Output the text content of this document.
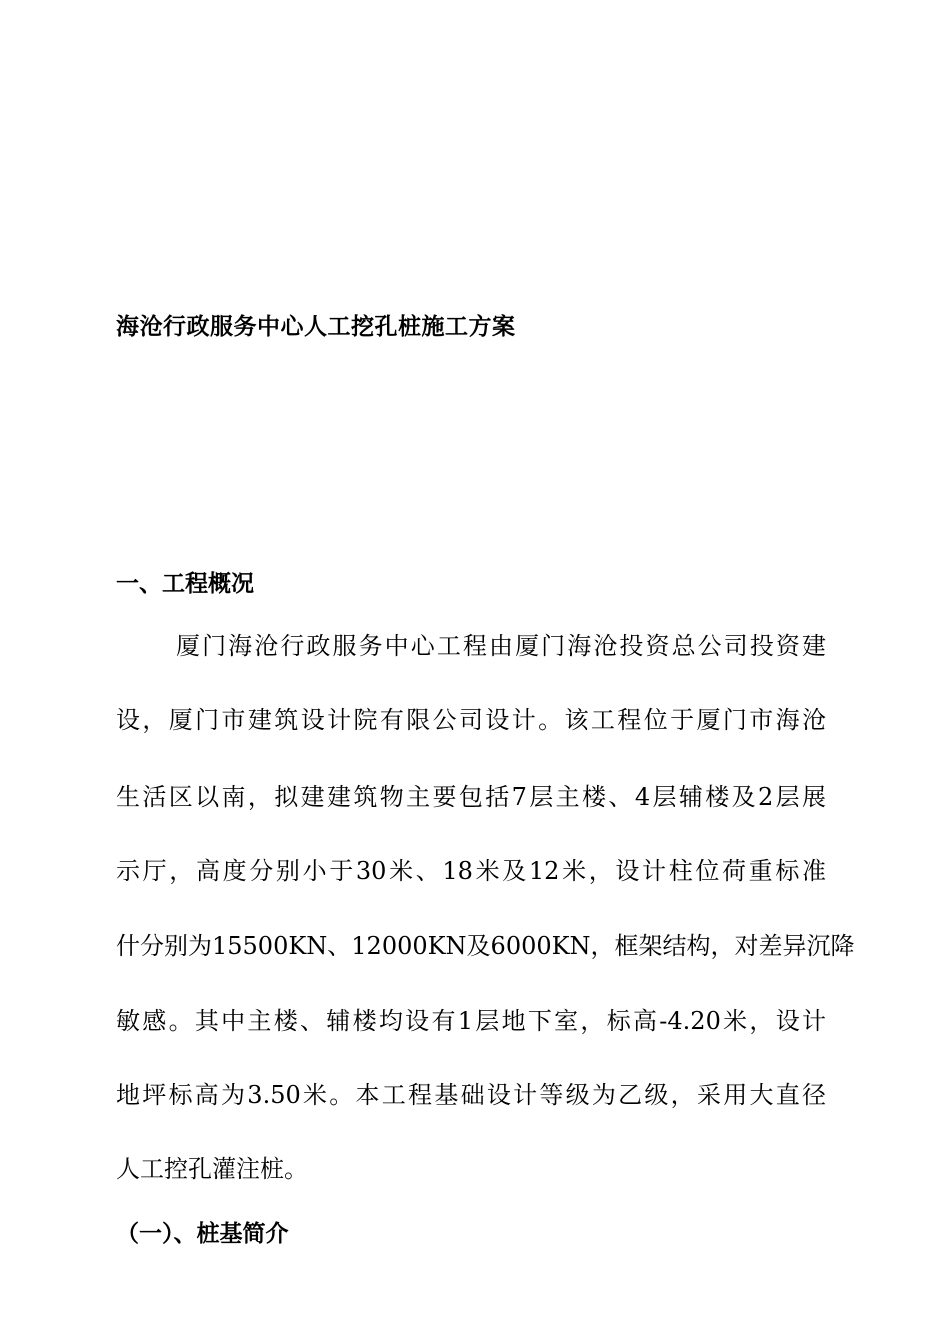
海沧行政服务中心人工挖孔桩施工方案
一、工程概况
厦门海沧行政服务中心工程由厦门海沧投资总公司投资建
设，厦门市建筑设计院有限公司设计。该工程位于厦门市海沧
生活区以南，拟建建筑物主要包括7层主楼、4层辅楼及2层展
示厅，高度分别小于30米、18米及12米，设计柱位荷重标准
什分别为15500KN、12000KN及6000KN，框架结构，对差异沉降
敏感。其中主楼、辅楼均设有1层地下室，标高-4.20米，设计
地坪标高为3.50米。本工程基础设计等级为乙级，采用大直径
人工控孔灌注桩。
（一）、桩基简介
